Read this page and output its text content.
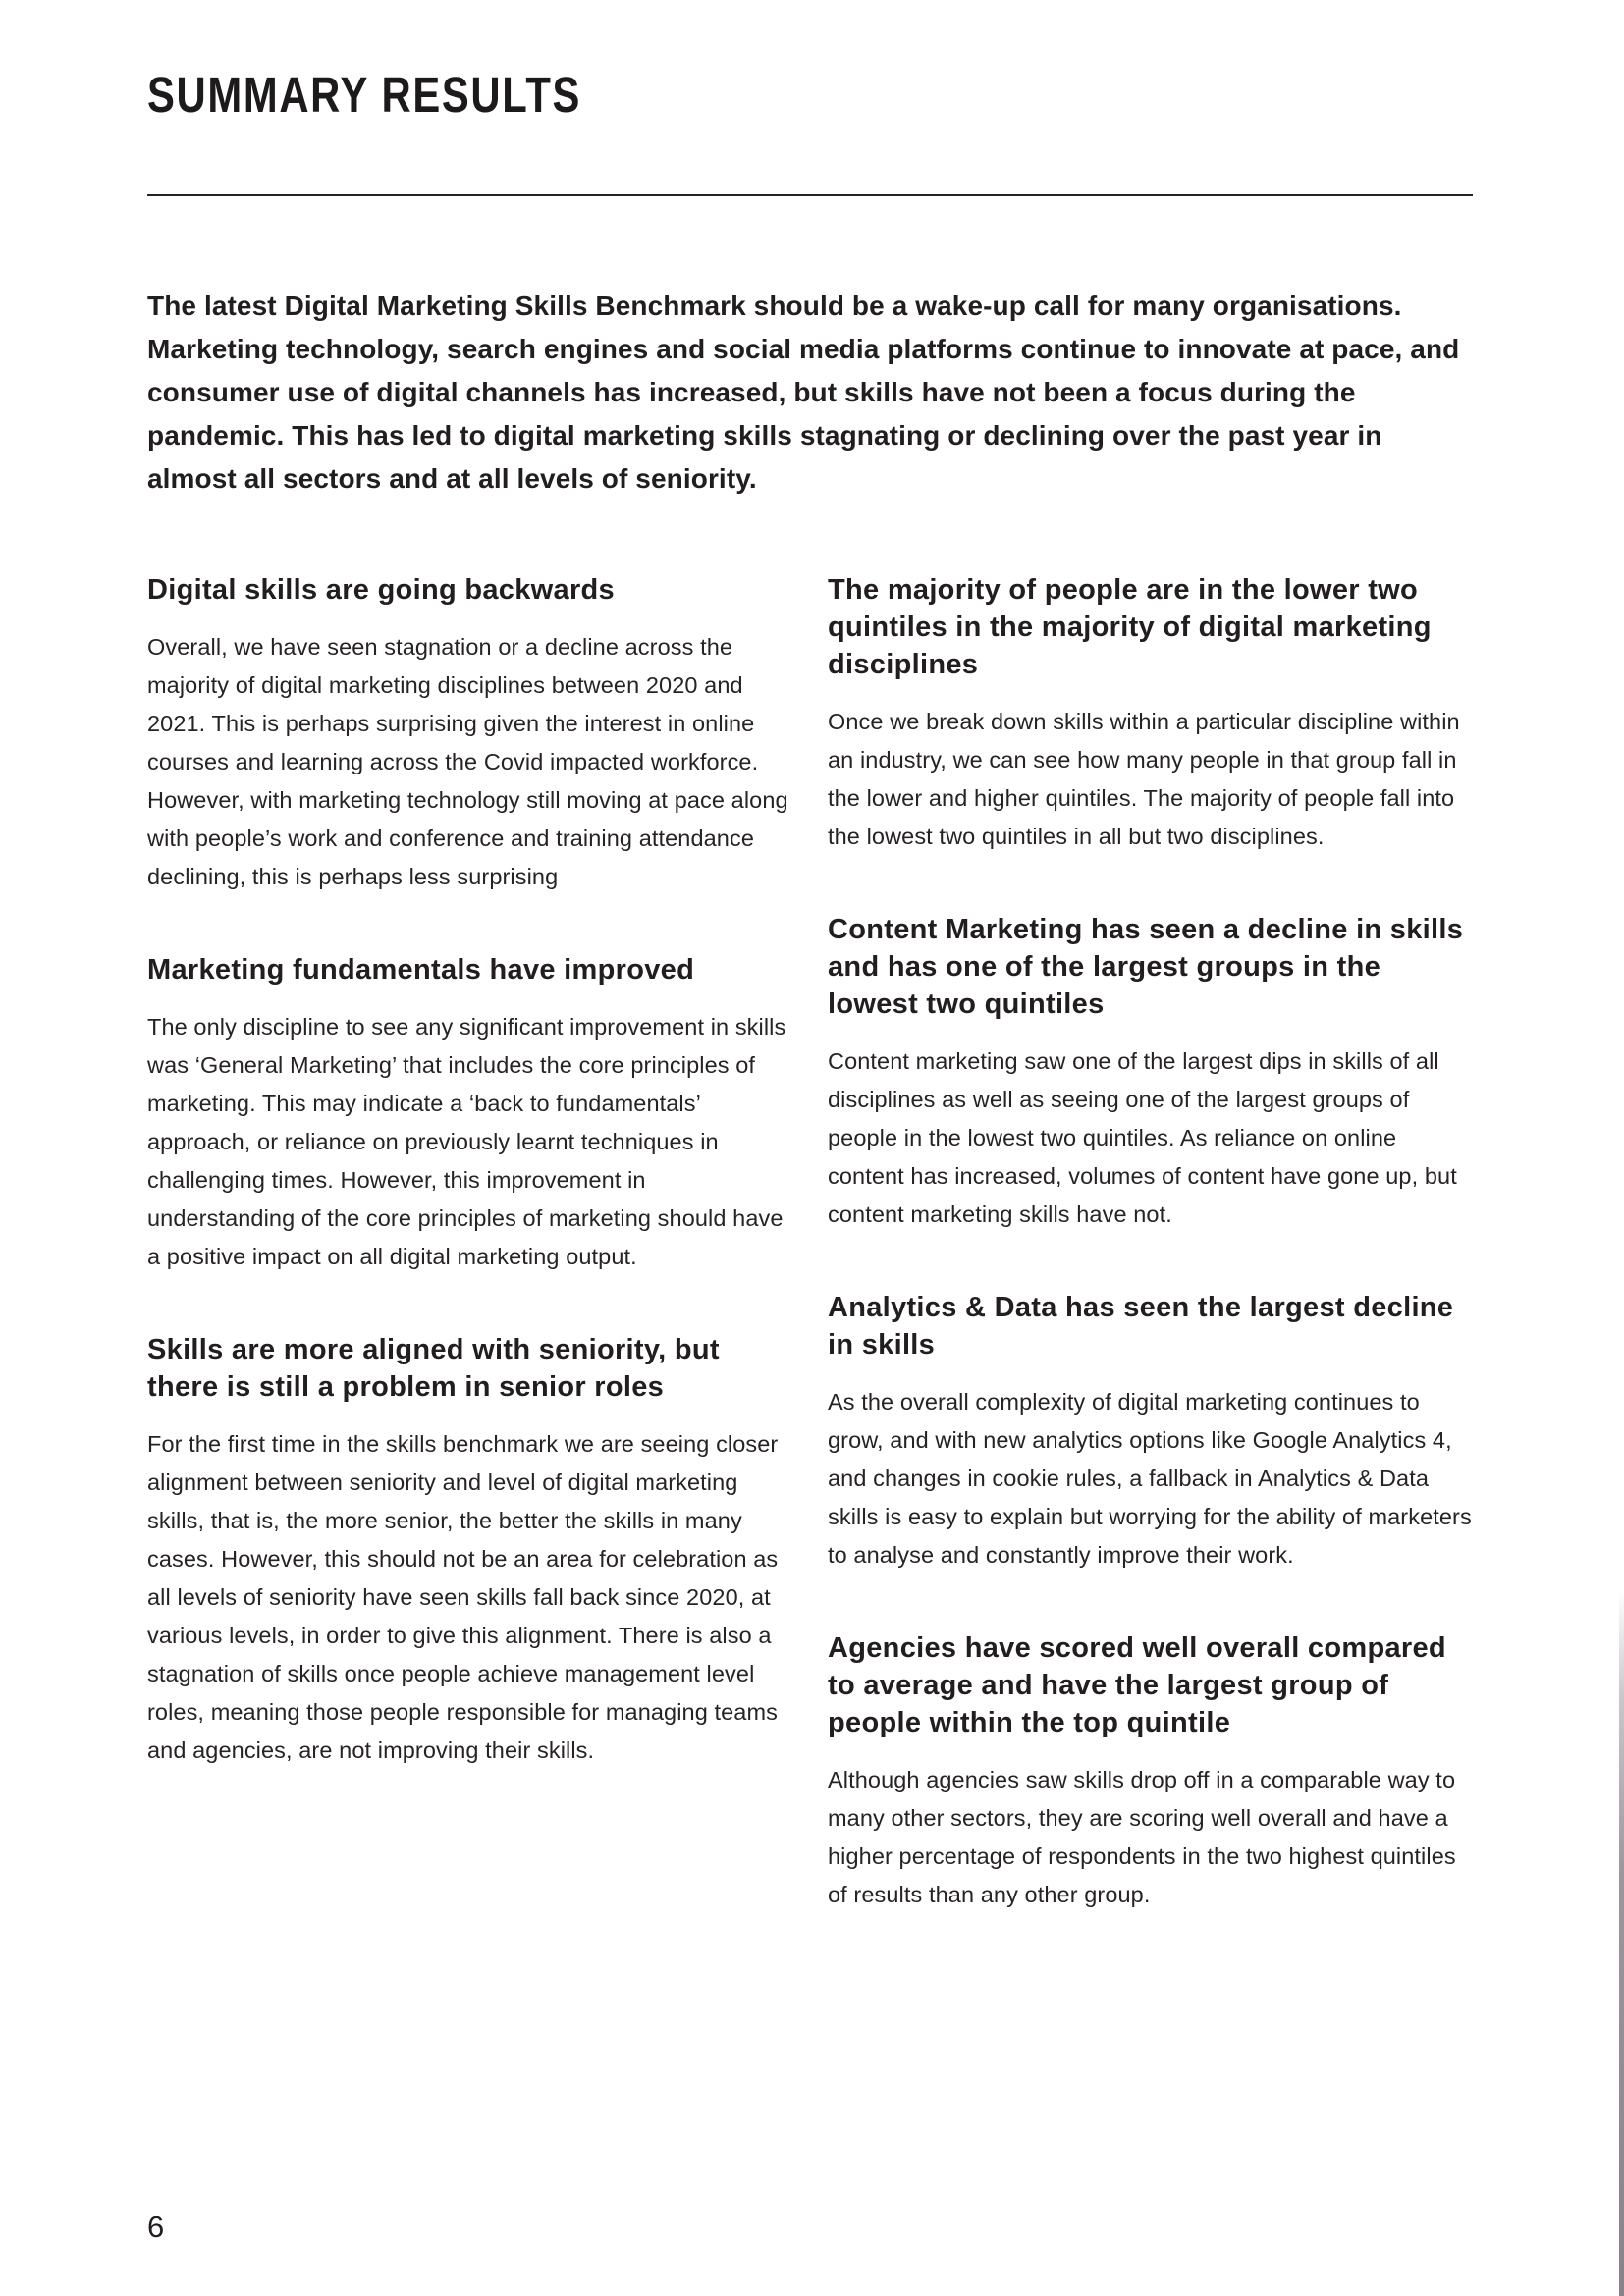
SUMMARY RESULTS

The latest Digital Marketing Skills Benchmark should be a wake-up call for many organisations. Marketing technology, search engines and social media platforms continue to innovate at pace, and consumer use of digital channels has increased, but skills have not been a focus during the pandemic. This has led to digital marketing skills stagnating or declining over the past year in almost all sectors and at all levels of seniority.

Digital skills are going backwards

Overall, we have seen stagnation or a decline across the majority of digital marketing disciplines between 2020 and 2021. This is perhaps surprising given the interest in online courses and learning across the Covid impacted workforce. However, with marketing technology still moving at pace along with people’s work and conference and training attendance declining, this is perhaps less surprising

Marketing fundamentals have improved

The only discipline to see any significant improvement in skills was ‘General Marketing’ that includes the core principles of marketing. This may indicate a ‘back to fundamentals’ approach, or reliance on previously learnt techniques in challenging times. However, this improvement in understanding of the core principles of marketing should have a positive impact on all digital marketing output.

Skills are more aligned with seniority, but there is still a problem in senior roles

For the first time in the skills benchmark we are seeing closer alignment between seniority and level of digital marketing skills, that is, the more senior, the better the skills in many cases. However, this should not be an area for celebration as all levels of seniority have seen skills fall back since 2020, at various levels, in order to give this alignment. There is also a stagnation of skills once people achieve management level roles, meaning those people responsible for managing teams and agencies, are not improving their skills.

The majority of people are in the lower two quintiles in the majority of digital marketing disciplines

Once we break down skills within a particular discipline within an industry, we can see how many people in that group fall in the lower and higher quintiles. The majority of people fall into the lowest two quintiles in all but two disciplines.

Content Marketing has seen a decline in skills and has one of the largest groups in the lowest two quintiles

Content marketing saw one of the largest dips in skills of all disciplines as well as seeing one of the largest groups of people in the lowest two quintiles. As reliance on online content has increased, volumes of content have gone up, but content marketing skills have not.

Analytics & Data has seen the largest decline in skills

As the overall complexity of digital marketing continues to grow, and with new analytics options like Google Analytics 4, and changes in cookie rules, a fallback in Analytics & Data skills is easy to explain but worrying for the ability of marketers to analyse and constantly improve their work.

Agencies have scored well overall compared to average and have the largest group of people within the top quintile

Although agencies saw skills drop off in a comparable way to many other sectors, they are scoring well overall and have a higher percentage of respondents in the two highest quintiles of results than any other group.

6
